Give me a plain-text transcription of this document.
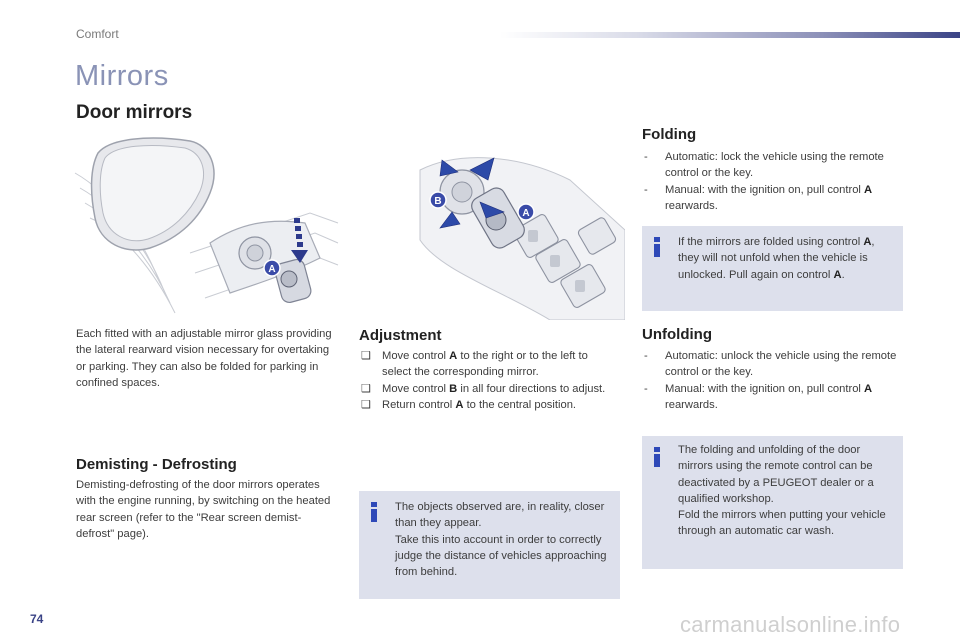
Comfort
Mirrors
Door mirrors
A
B
A

Each fitted with an adjustable mirror glass providing the lateral rearward vision necessary for overtaking or parking. They can also be folded for parking in confined spaces.

Demisting - Defrosting

Demisting-defrosting of the door mirrors operates with the engine running, by switching on the heated rear screen (refer to the "Rear screen demist-defrost" page).

Adjustment
❑ Move control A to the right or to the left to select the corresponding mirror.
❑ Move control B in all four directions to adjust.
❑ Return control A to the central position.

The objects observed are, in reality, closer than they appear.

Take this into account in order to correctly judge the distance of vehicles approaching from behind.

Folding
- Automatic: lock the vehicle using the remote control or the key.
- Manual: with the ignition on, pull control A rearwards.
If the mirrors are folded using control A, they will not unfold when the vehicle is unlocked. Pull again on control A.
Unfolding
- Automatic: unlock the vehicle using the remote control or the key.
- Manual: with the ignition on, pull control A rearwards.

The folding and unfolding of the door mirrors using the remote control can be deactivated by a PEUGEOT dealer or a qualified workshop.

Fold the mirrors when putting your vehicle through an automatic car wash.

74	carmanualsonline.info
